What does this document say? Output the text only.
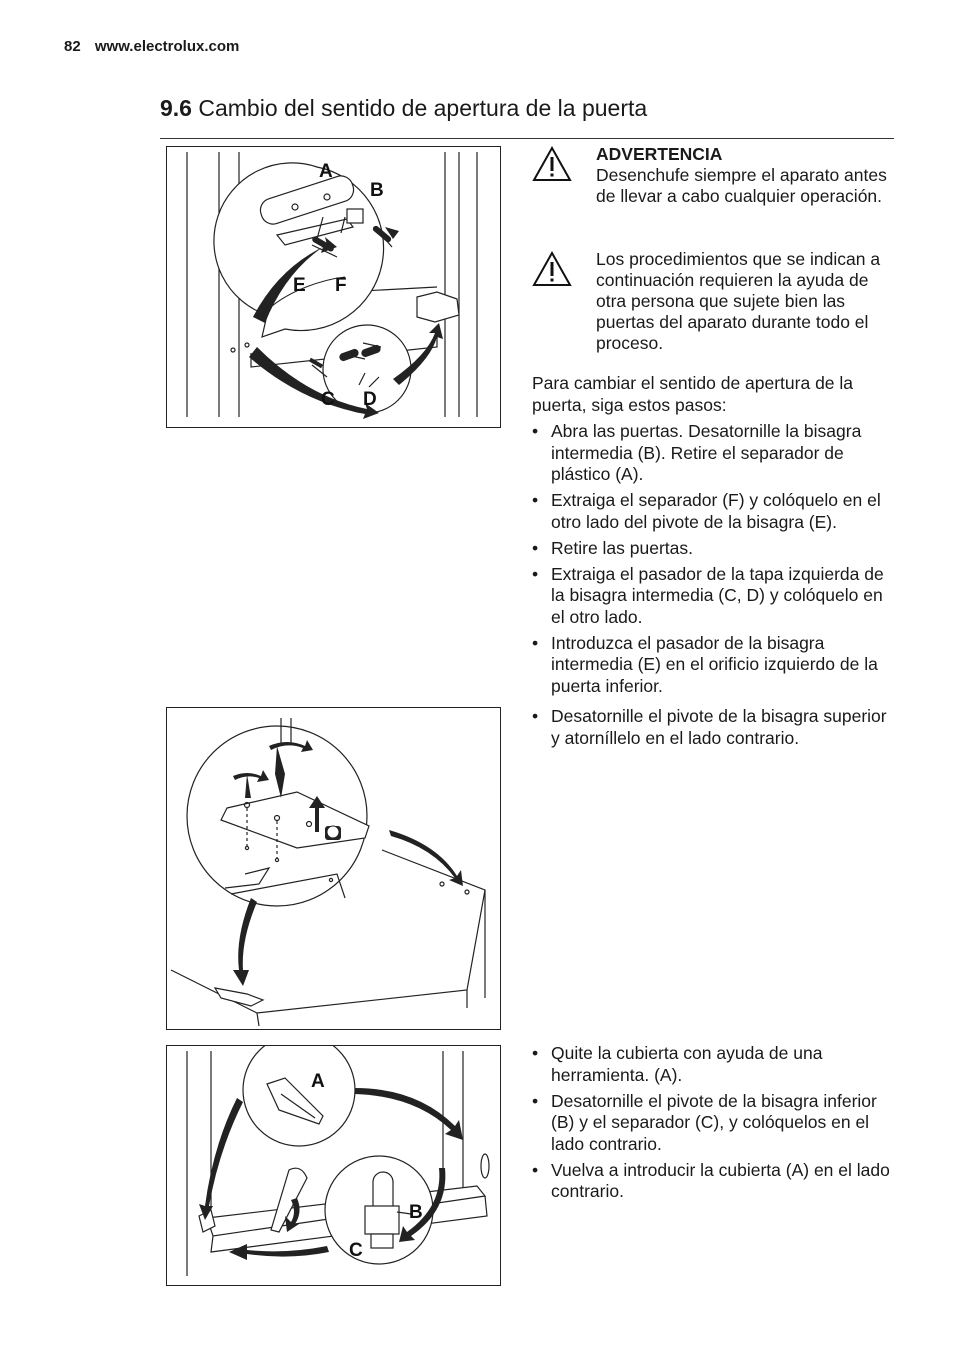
82 www.electrolux.com
9.6 Cambio del sentido de apertura de la puerta
A
B
E F
C D
ADVERTENCIA
Desenchufe siempre el aparato antes de llevar a cabo cualquier operación.
Los procedimientos que se indican a continuación requieren la ayuda de otra persona que sujete bien las puertas del aparato durante todo el proceso.
Para cambiar el sentido de apertura de la puerta, siga estos pasos:
• Abra las puertas. Desatornille la bisagra intermedia (B). Retire el separador de plástico (A).
• Extraiga el separador (F) y colóquelo en el otro lado del pivote de la bisagra (E).
• Retire las puertas.
• Extraiga el pasador de la tapa izquierda de la bisagra intermedia (C, D) y colóquelo en el otro lado.
• Introduzca el pasador de la bisagra intermedia (E) en el orificio izquierdo de la puerta inferior.
• Desatornille el pivote de la bisagra superior y atorníllelo en el lado contrario.
A
B
C
• Quite la cubierta con ayuda de una herramienta. (A).
• Desatornille el pivote de la bisagra inferior (B) y el separador (C), y colóquelos en el lado contrario.
• Vuelva a introducir la cubierta (A) en el lado contrario.
